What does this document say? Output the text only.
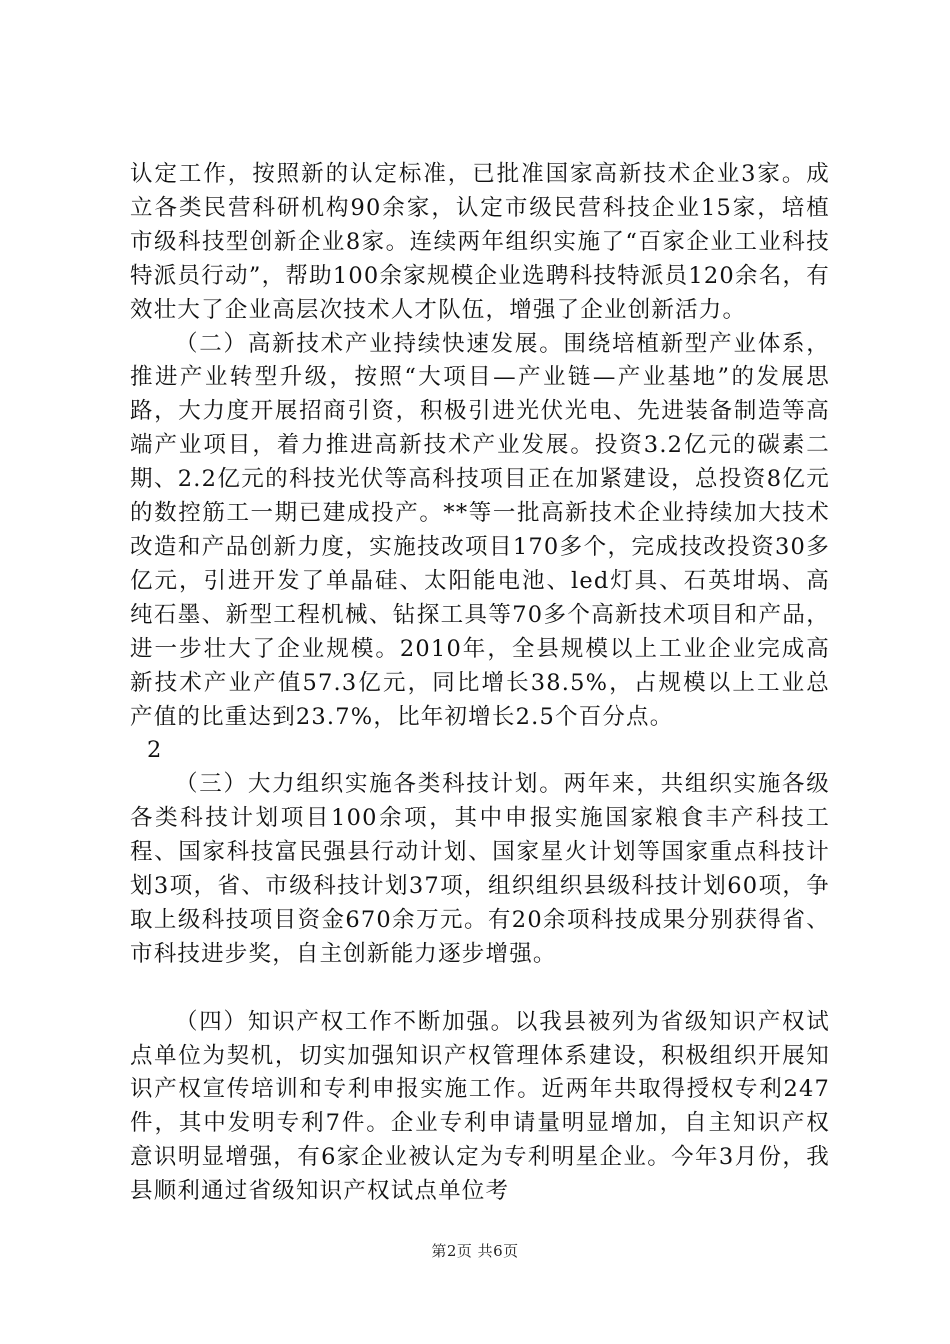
认定工作，按照新的认定标准，已批准国家高新技术企业3家。成立各类民营科研机构90余家，认定市级民营科技企业15家，培植市级科技型创新企业8家。连续两年组织实施了“百家企业工业科技特派员行动”，帮助100余家规模企业选聘科技特派员120余名，有效壮大了企业高层次技术人才队伍，增强了企业创新活力。

（二）高新技术产业持续快速发展。围绕培植新型产业体系，推进产业转型升级，按照“大项目—产业链—产业基地”的发展思路，大力度开展招商引资，积极引进光伏光电、先进装备制造等高端产业项目，着力推进高新技术产业发展。投资3.2亿元的碳素二期、2.2亿元的科技光伏等高科技项目正在加紧建设，总投资8亿元的数控筋工一期已建成投产。**等一批高新技术企业持续加大技术改造和产品创新力度，实施技改项目170多个，完成技改投资30多亿元，引进开发了单晶硅、太阳能电池、led灯具、石英坩埚、高纯石墨、新型工程机械、钻探工具等70多个高新技术项目和产品，进一步壮大了企业规模。2010年，全县规模以上工业企业完成高新技术产业产值57.3亿元，同比增长38.5%，占规模以上工业总产值的比重达到23.7%，比年初增长2.5个百分点。

2

（三）大力组织实施各类科技计划。两年来，共组织实施各级各类科技计划项目100余项，其中申报实施国家粮食丰产科技工程、国家科技富民强县行动计划、国家星火计划等国家重点科技计划3项，省、市级科技计划37项，组织组织县级科技计划60项，争取上级科技项目资金670余万元。有20余项科技成果分别获得省、市科技进步奖，自主创新能力逐步增强。

（四）知识产权工作不断加强。以我县被列为省级知识产权试点单位为契机，切实加强知识产权管理体系建设，积极组织开展知识产权宣传培训和专利申报实施工作。近两年共取得授权专利247件，其中发明专利7件。企业专利申请量明显增加，自主知识产权意识明显增强，有6家企业被认定为专利明星企业。今年3月份，我县顺利通过省级知识产权试点单位考

第2页 共6页
